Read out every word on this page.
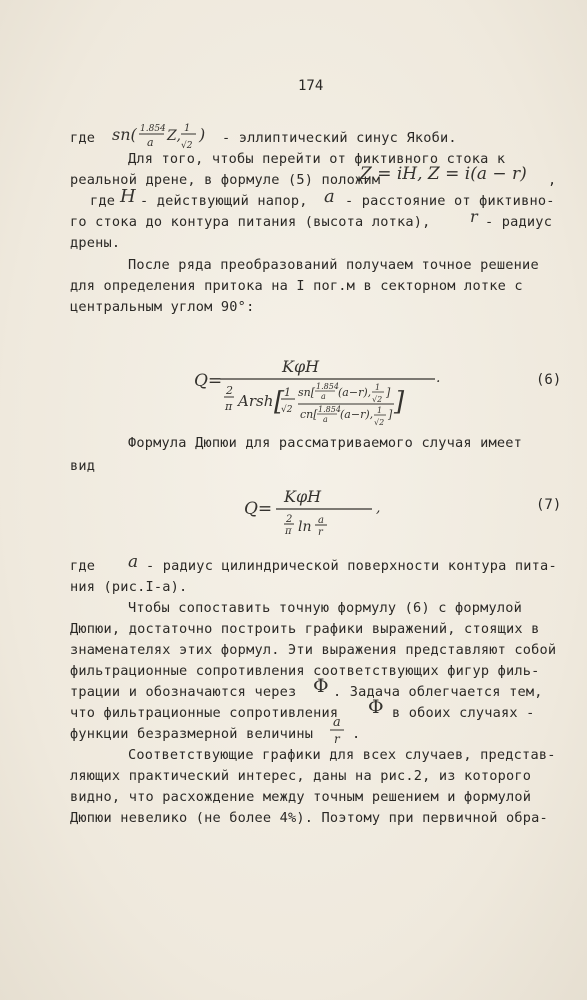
174
где sn( 1.854
a Z, 1
√2
) - эллиптический синус Якоби.
Для того, чтобы перейти от фиктивного стока к
реальной дрене, в формуле (5) положим
Z = iH, Z = i(a − r) ,
где H - действующий напор, a - расстояние от фиктивно-
го стока до контура питания (высота лотка), r - радиус
дрены.
После ряда преобразований получаем точное решение
для определения притока на I пог.м в секторном лотке с
центральным углом 90°:
Q=
KφH
2
π Arsh [ 1
√2
sn[ 1.854
a (a−r), 1
√2
]
cn[ 1.854
a (a−r), 1
√2
] ]
.	(6)
Формула Дюпюи для рассматриваемого случая имеет
вид
Q=
KφH
2
π ln a
r
,	(7)
где a - радиус цилиндрической поверхности контура пита-
ния (рис.I-а).
Чтобы сопоставить точную формулу (6) с формулой
Дюпюи, достаточно построить графики выражений, стоящих в
знаменателях этих формул. Эти выражения представляют собой
фильтрационные сопротивления соответствующих фигур филь-
трации и обозначаются через Φ . Задача облегчается тем,
что фильтрационные сопротивления Φ в обоих случаях -
функции безразмерной величины
a
r .
Соответствующие графики для всех случаев, представ-
ляющих практический интерес, даны на рис.2, из которого
видно, что расхождение между точным решением и формулой
Дюпюи невелико (не более 4%). Поэтому при первичной обра-
